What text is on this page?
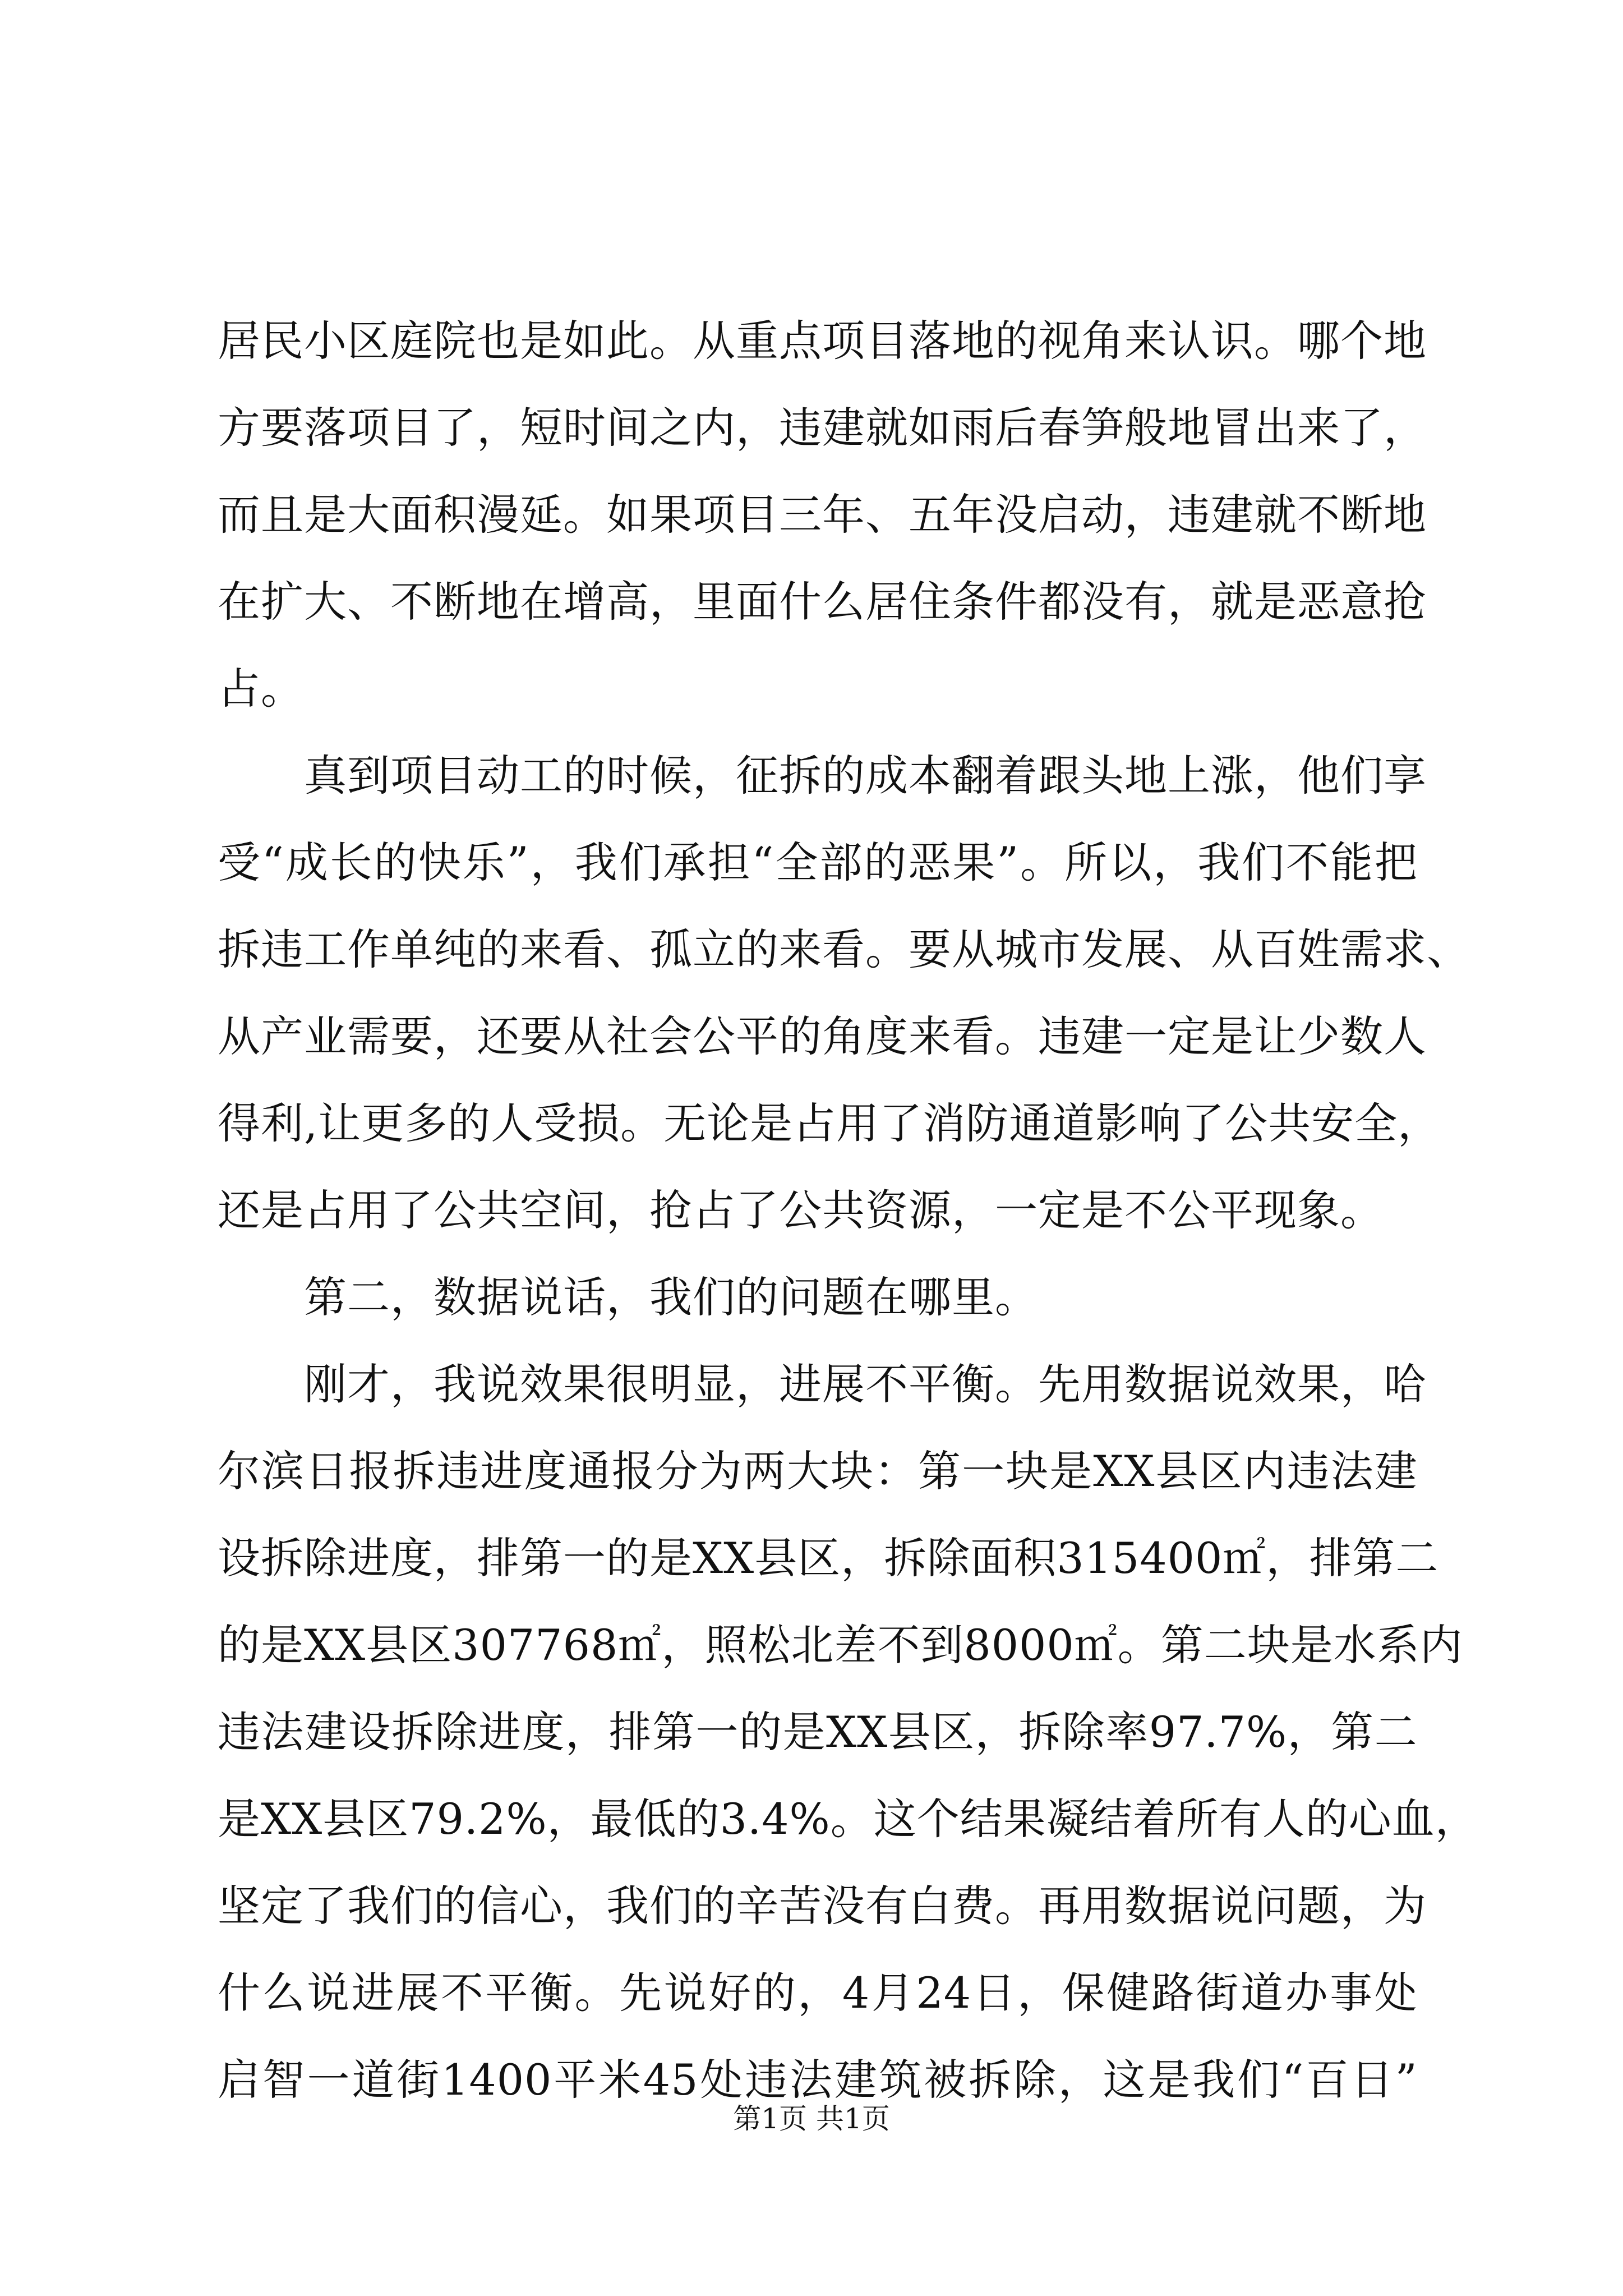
居 民 小 区 庭 院 也 是 如 此 。 从 重 点 项 目 落 地 的 视 角 来 认 识 。 哪 个 地
方 要 落 项 目 了 ， 短 时 间 之 内 ， 违 建 就 如 雨 后 春 笋 般 地 冒 出 来 了 ，
而 且 是 大 面 积 漫 延 。 如 果 项 目 三 年 、 五 年 没 启 动 ， 违 建 就 不 断 地
在 扩 大 、 不 断 地 在 增 高 ， 里 面 什 么 居 住 条 件 都 没 有 ， 就 是 恶 意 抢
占。
真 到 项 目 动 工 的 时 候 ， 征 拆 的 成 本 翻 着 跟 头 地 上 涨 ， 他 们 享
受 “ 成 长 的 快 乐 ” ， 我 们 承 担 “ 全 部 的 恶 果 ” 。 所 以 ， 我 们 不 能 把
拆 违 工 作 单 纯 的 来 看 、 孤 立 的 来 看 。 要 从 城 市 发 展 、 从 百 姓 需 求 、
从 产 业 需 要 ， 还 要 从 社 会 公 平 的 角 度 来 看 。 违 建 一 定 是 让 少 数 人
得 利 , 让 更 多 的 人 受 损 。 无 论 是 占 用 了 消 防 通 道 影 响 了 公 共 安 全 ，
还是占用了公共空间，抢占了公共资源，一定是不公平现象。
第二，数据说话，我们的问题在哪里。
刚 才 ， 我 说 效 果 很 明 显 ， 进 展 不 平 衡 。 先 用 数 据 说 效 果 ， 哈
尔 滨 日 报 拆 违 进 度 通 报 分 为 两 大 块 ： 第 一 块 是 XX 县 区 内 违 法 建
设 拆 除 进 度 ， 排 第 一 的 是 XX 县 区 ， 拆 除 面 积 315400 ㎡ ， 排 第 二
的 是 XX 县 区 307768 ㎡ ， 照 松 北 差 不 到 8000 ㎡ 。 第 二 块 是 水 系 内
违 法 建 设 拆 除 进 度 ， 排 第 一 的 是 XX 县 区 ， 拆 除 率 97.7% ， 第 二
是 XX 县 区 79.2% ， 最 低 的 3.4% 。 这 个 结 果 凝 结 着 所 有 人 的 心 血 ，
坚 定 了 我 们 的 信 心 ， 我 们 的 辛 苦 没 有 白 费 。 再 用 数 据 说 问 题 ， 为
什 么 说 进 展 不 平 衡 。 先 说 好 的 ， 4 月 24 日 ， 保 健 路 街 道 办 事 处
启 智 一 道 街 1400 平 米 45 处 违 法 建 筑 被 拆 除 ， 这 是 我 们 “ 百 日 ”
第1页 共1页
